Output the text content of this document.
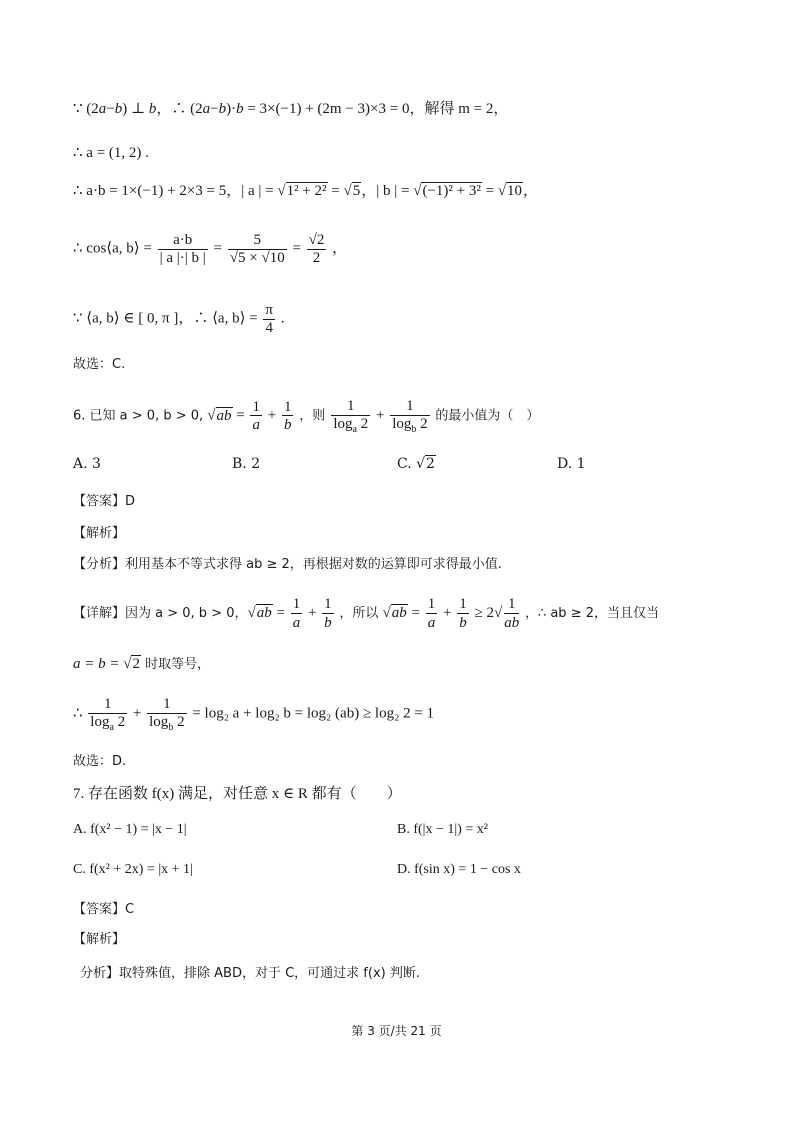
∵ (2a−b) ⊥ b，∴ (2a−b)·b = 3×(−1) + (2m − 3)×3 = 0，解得 m = 2，
∴ a = (1, 2) .
∴ a·b = 1×(−1) + 2×3 = 5，| a | = √1² + 2² = √5，| b | = √(−1)² + 3² = √10，
∴ cos⟨a, b⟩ = $\frac{a\cdot b}{| a |\cdot| b |} = \frac{5}{√5 \times √10} = \frac{√2}{2}$ ，
∵ ⟨a, b⟩ ∈ [ 0, π ]，∴ ⟨a, b⟩ = $\frac{\pi}{4}$ .
故选：C.
6. 已知 a > 0, b > 0, $√ab = \frac{1}{a} + \frac{1}{b}$ ，则 $\frac{1}{\log_a 2} + \frac{1}{\log_b 2}$ 的最小值为（　）
A. 3	B. 2	C. √2	D. 1
【答案】D
【解析】
【分析】利用基本不等式求得 ab ≥ 2，再根据对数的运算即可求得最小值.
【详解】因为 a > 0, b > 0，$√ab = \frac{1}{a} + \frac{1}{b}$ ，所以 $√ab = \frac{1}{a} + \frac{1}{b} \ge 2√ \frac{1}{ab}$ ，∴ ab ≥ 2，当且仅当
a = b = √2 时取等号，
∴ $\frac{1}{\log_a 2} + \frac{1}{\log_b 2} = \log_2$ a + log₂ b = log₂ (ab) ≥ log₂ 2 = 1
故选：D.
7. 存在函数 f(x) 满足，对任意 x ∈ R 都有（　　）
A. f(x² − 1) = |x − 1|	B. f(|x − 1|) = x²
C. f(x² + 2x) = |x + 1|	D. f(sin x) = 1 − cos x
【答案】C
【解析】
分析】取特殊值，排除 ABD，对于 C，可通过求 f(x) 判断.
第 3 页/共 21 页
